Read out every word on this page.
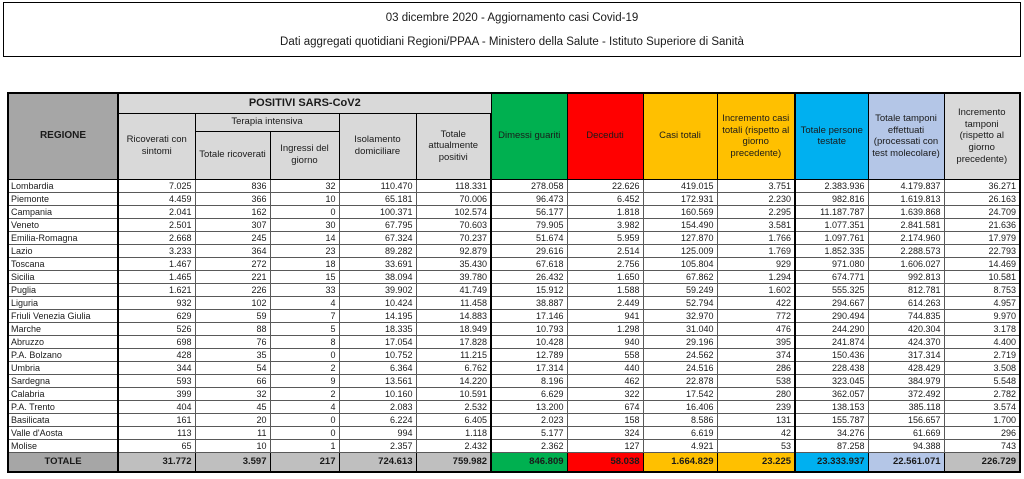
03 dicembre 2020 - Aggiornamento casi Covid-19
Dati aggregati quotidiani Regioni/PPAA - Ministero della Salute - Istituto Superiore di Sanità
REGIONE	POSITIVI SARS-CoV2					Dimessi guariti	Deceduti	Casi totali	Incremento casi totali (rispetto al giorno precedente)	Totale persone testate	Totale tamponi effettuati (processati con test molecolare)	Incremento tamponi (rispetto al giorno precedente)
	Ricoverati con sintomi	Terapia intensiva		Isolamento domiciliare	Totale attualmente positivi							
		Totale ricoverati	Ingressi del giorno									
Lombardia	7.025	836	32	110.470	118.331	278.058	22.626	419.015	3.751	2.383.936	4.179.837	36.271
Piemonte	4.459	366	10	65.181	70.006	96.473	6.452	172.931	2.230	982.816	1.619.813	26.163
Campania	2.041	162	0	100.371	102.574	56.177	1.818	160.569	2.295	11.187.787	1.639.868	24.709
Veneto	2.501	307	30	67.795	70.603	79.905	3.982	154.490	3.581	1.077.351	2.841.581	21.636
Emilia-Romagna	2.668	245	14	67.324	70.237	51.674	5.959	127.870	1.766	1.097.761	2.174.960	17.979
Lazio	3.233	364	23	89.282	92.879	29.616	2.514	125.009	1.769	1.852.335	2.288.573	22.793
Toscana	1.467	272	18	33.691	35.430	67.618	2.756	105.804	929	971.080	1.606.027	14.469
Sicilia	1.465	221	15	38.094	39.780	26.432	1.650	67.862	1.294	674.771	992.813	10.581
Puglia	1.621	226	33	39.902	41.749	15.912	1.588	59.249	1.602	555.325	812.781	8.753
Liguria	932	102	4	10.424	11.458	38.887	2.449	52.794	422	294.667	614.263	4.957
Friuli Venezia Giulia	629	59	7	14.195	14.883	17.146	941	32.970	772	290.494	744.835	9.970
Marche	526	88	5	18.335	18.949	10.793	1.298	31.040	476	244.290	420.304	3.178
Abruzzo	698	76	8	17.054	17.828	10.428	940	29.196	395	241.874	424.370	4.400
P.A. Bolzano	428	35	0	10.752	11.215	12.789	558	24.562	374	150.436	317.314	2.719
Umbria	344	54	2	6.364	6.762	17.314	440	24.516	286	228.438	428.429	3.508
Sardegna	593	66	9	13.561	14.220	8.196	462	22.878	538	323.045	384.979	5.548
Calabria	399	32	2	10.160	10.591	6.629	322	17.542	280	362.057	372.492	2.782
P.A. Trento	404	45	4	2.083	2.532	13.200	674	16.406	239	138.153	385.118	3.574
Basilicata	161	20	0	6.224	6.405	2.023	158	8.586	131	155.787	156.657	1.700
Valle d'Aosta	113	11	0	994	1.118	5.177	324	6.619	42	34.276	61.669	296
Molise	65	10	1	2.357	2.432	2.362	127	4.921	53	87.258	94.388	743
TOTALE	31.772	3.597	217	724.613	759.982	846.809	58.038	1.664.829	23.225	23.333.937	22.561.071	226.729
